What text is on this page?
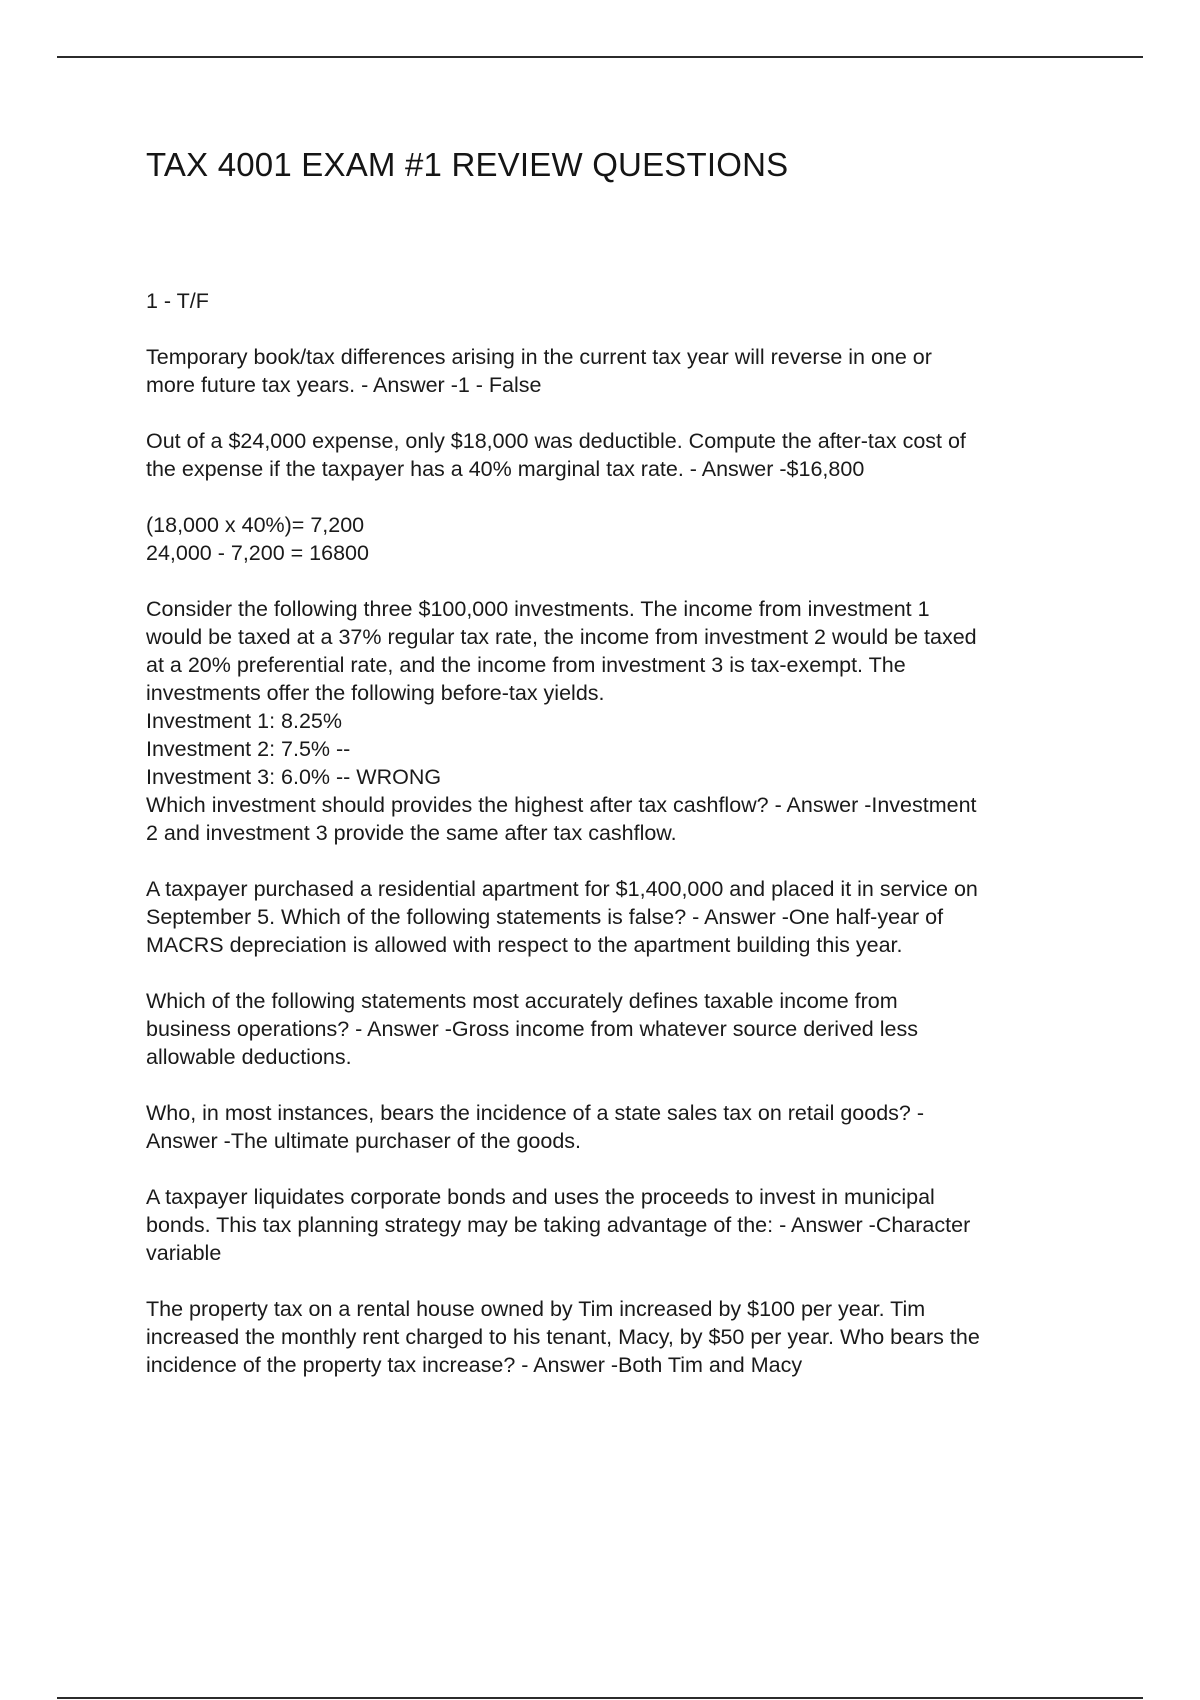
TAX 4001 EXAM #1 REVIEW QUESTIONS

1 - T/F

Temporary book/tax differences arising in the current tax year will reverse in one or
more future tax years. - Answer -1 - False

Out of a $24,000 expense, only $18,000 was deductible. Compute the after-tax cost of
the expense if the taxpayer has a 40% marginal tax rate. - Answer -$16,800

(18,000 x 40%)= 7,200
24,000 - 7,200 = 16800

Consider the following three $100,000 investments. The income from investment 1
would be taxed at a 37% regular tax rate, the income from investment 2 would be taxed
at a 20% preferential rate, and the income from investment 3 is tax-exempt. The
investments offer the following before-tax yields.
Investment 1: 8.25%
Investment 2: 7.5% --
Investment 3: 6.0% -- WRONG
Which investment should provides the highest after tax cashflow? - Answer -Investment
2 and investment 3 provide the same after tax cashflow.

A taxpayer purchased a residential apartment for $1,400,000 and placed it in service on
September 5. Which of the following statements is false? - Answer -One half-year of
MACRS depreciation is allowed with respect to the apartment building this year.

Which of the following statements most accurately defines taxable income from
business operations? - Answer -Gross income from whatever source derived less
allowable deductions.

Who, in most instances, bears the incidence of a state sales tax on retail goods? -
Answer -The ultimate purchaser of the goods.

A taxpayer liquidates corporate bonds and uses the proceeds to invest in municipal
bonds. This tax planning strategy may be taking advantage of the: - Answer -Character
variable

The property tax on a rental house owned by Tim increased by $100 per year. Tim
increased the monthly rent charged to his tenant, Macy, by $50 per year. Who bears the
incidence of the property tax increase? - Answer -Both Tim and Macy
